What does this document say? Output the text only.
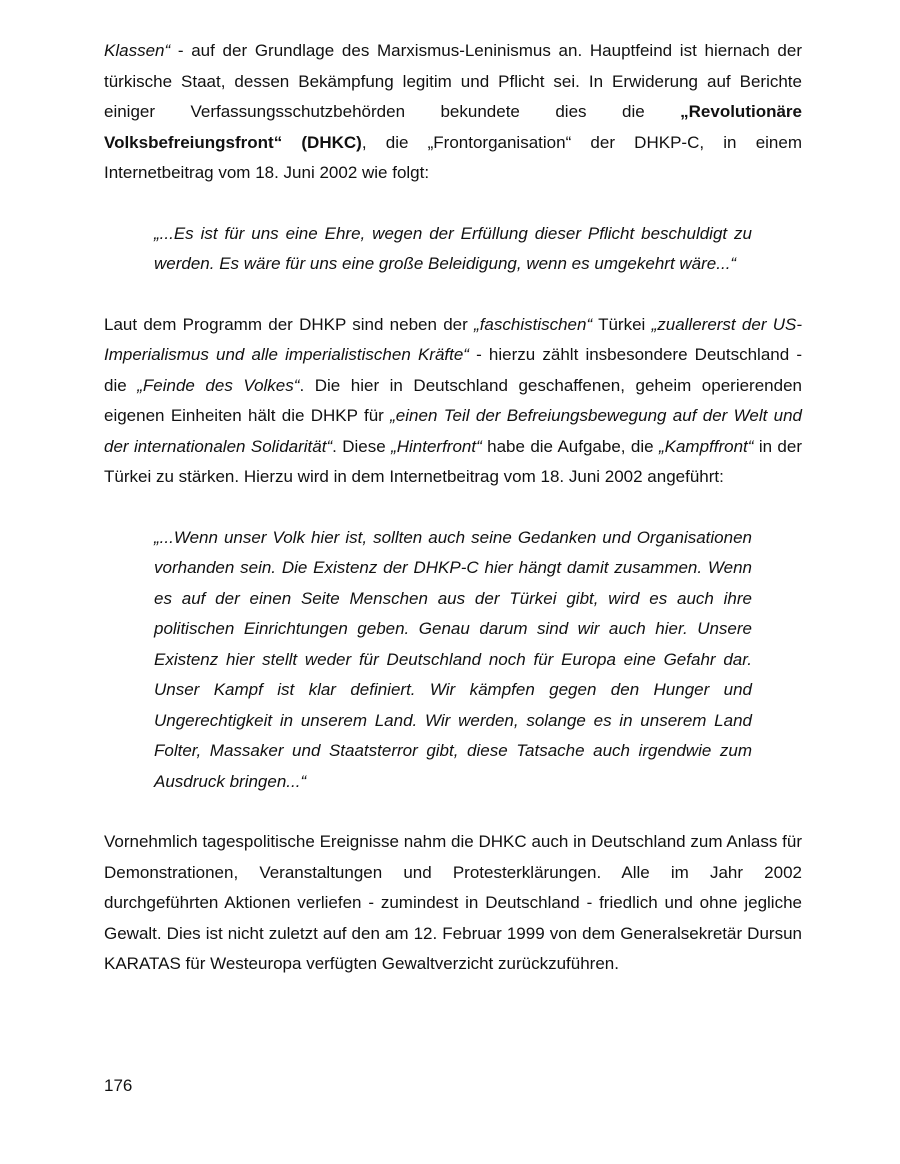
Klassen“ - auf der Grundlage des Marxismus-Leninismus an. Hauptfeind ist hiernach der türkische Staat, dessen Bekämpfung legitim und Pflicht sei. In Erwiderung auf Berichte einiger Verfassungsschutzbehörden bekundete dies die „Revolutionäre Volksbefreiungsfront“ (DHKC), die „Frontorganisation“ der DHKP-C, in einem Internetbeitrag vom 18. Juni 2002 wie folgt:

„...Es ist für uns eine Ehre, wegen der Erfüllung dieser Pflicht beschuldigt zu werden. Es wäre für uns eine große Beleidigung, wenn es umgekehrt wäre...“

Laut dem Programm der DHKP sind neben der „faschistischen“ Türkei „zuallererst der US-Imperialismus und alle imperialistischen Kräfte“ - hierzu zählt insbesondere Deutschland - die „Feinde des Volkes“. Die hier in Deutschland geschaffenen, geheim operierenden eigenen Einheiten hält die DHKP für „einen Teil der Befreiungsbewegung auf der Welt und der internationalen Solidarität“. Diese „Hinterfront“ habe die Aufgabe, die „Kampffront“ in der Türkei zu stärken. Hierzu wird in dem Internetbeitrag vom 18. Juni 2002 angeführt:

„...Wenn unser Volk hier ist, sollten auch seine Gedanken und Organisationen vorhanden sein. Die Existenz der DHKP-C hier hängt damit zusammen. Wenn es auf der einen Seite Menschen aus der Türkei gibt, wird es auch ihre politischen Einrichtungen geben. Genau darum sind wir auch hier. Unsere Existenz hier stellt weder für Deutschland noch für Europa eine Gefahr dar. Unser Kampf ist klar definiert. Wir kämpfen gegen den Hunger und Ungerechtigkeit in unserem Land. Wir werden, solange es in unserem Land Folter, Massaker und Staatsterror gibt, diese Tatsache auch irgendwie zum Ausdruck bringen...“

Vornehmlich tagespolitische Ereignisse nahm die DHKC auch in Deutschland zum Anlass für Demonstrationen, Veranstaltungen und Protesterklärungen. Alle im Jahr 2002 durchgeführten Aktionen verliefen - zumindest in Deutschland - friedlich und ohne jegliche Gewalt. Dies ist nicht zuletzt auf den am 12. Februar 1999 von dem Generalsekretär Dursun KARATAS für Westeuropa verfügten Gewaltverzicht zurückzuführen.

176
